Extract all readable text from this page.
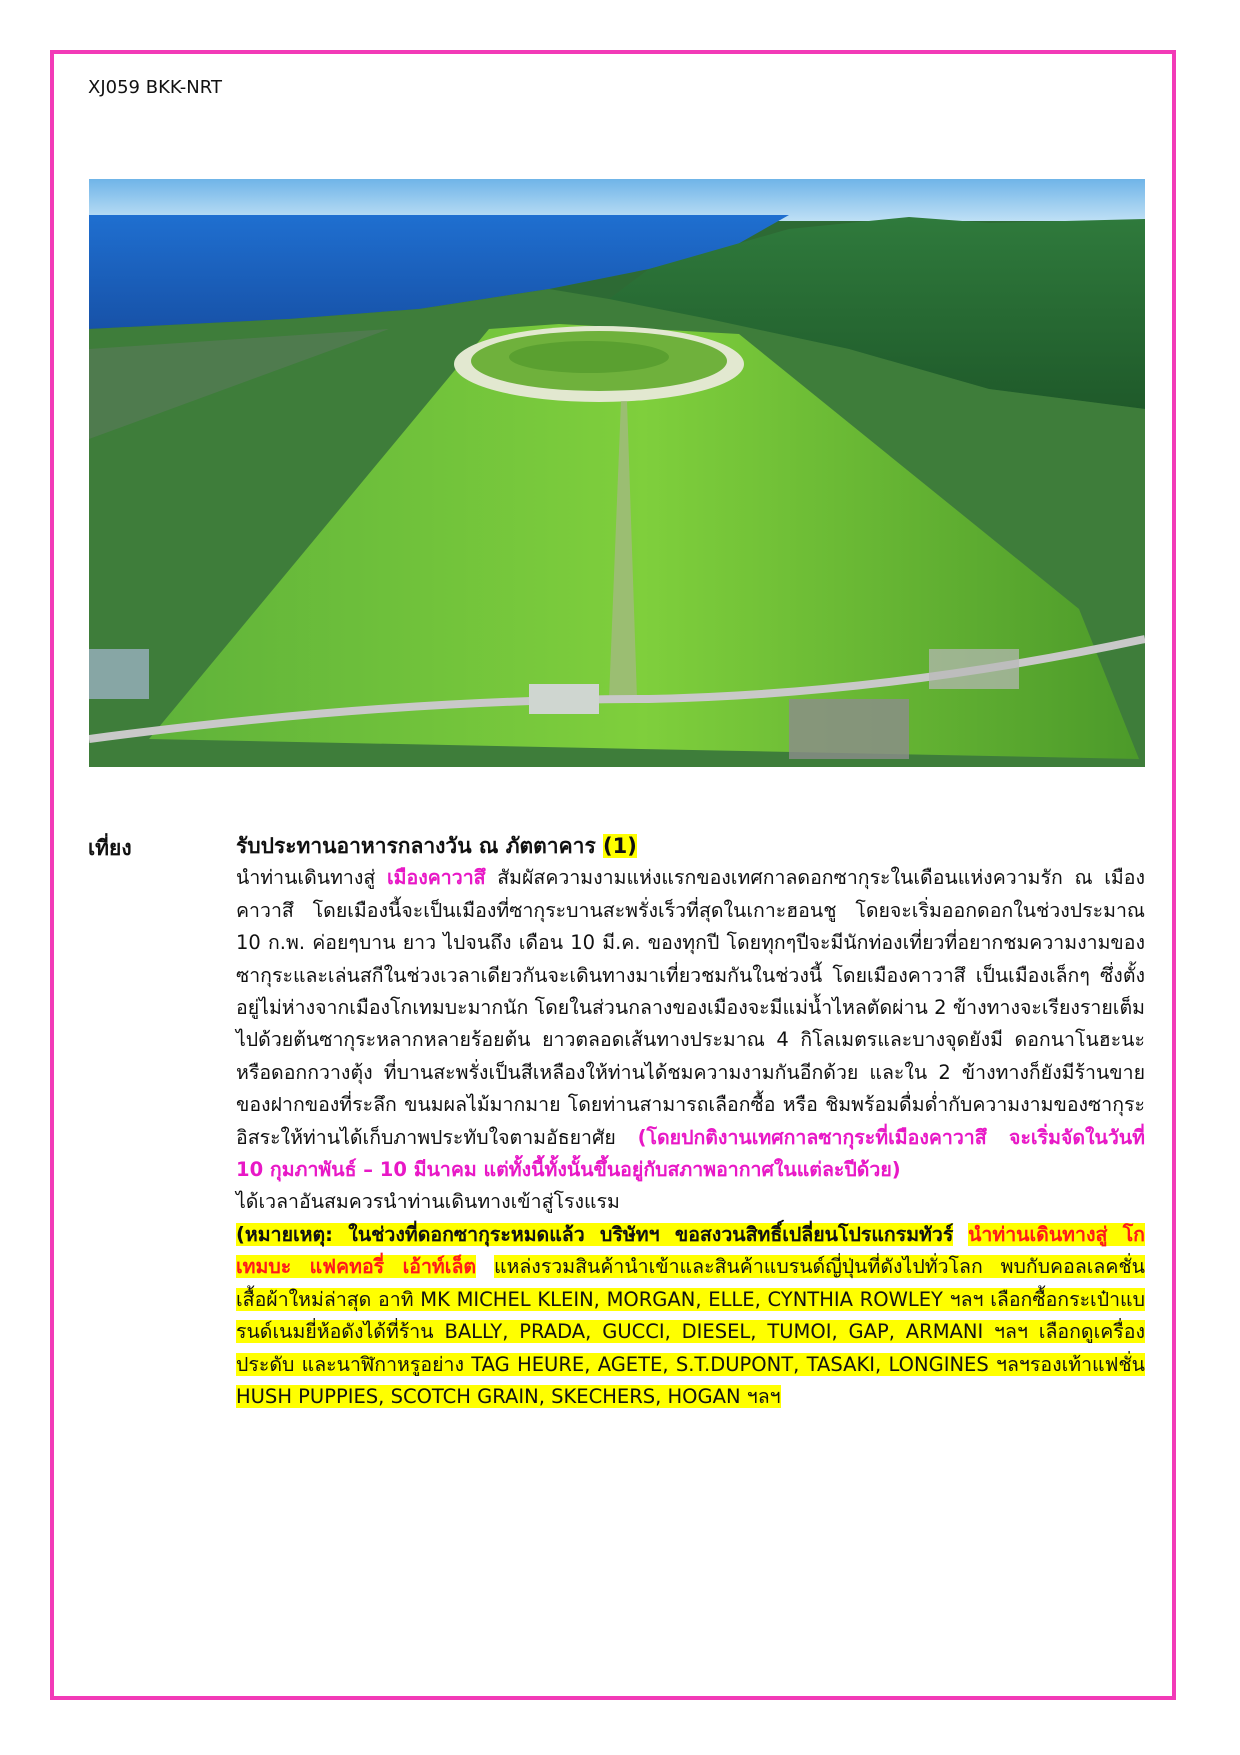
XJ059 BKK-NRT
เที่ยง	รับประทานอาหารกลางวัน ณ ภัตตาคาร (1)

นำท่านเดินทางสู่ เมืองคาวาสึ สัมผัสความงามแห่งแรกของเทศกาลดอกซากุระในเดือนแห่งความรัก ณ เมืองคาวาสึ โดยเมืองนี้จะเป็นเมืองที่ซากุระบานสะพรั่งเร็วที่สุดในเกาะฮอนชู โดยจะเริ่มออกดอกในช่วงประมาณ 10 ก.พ. ค่อยๆบาน ยาว ไปจนถึง เดือน 10 มี.ค. ของทุกปี โดยทุกๆปีจะมีนักท่องเที่ยวที่อยากชมความงามของ ซากุระและเล่นสกีในช่วงเวลาเดียวกันจะเดินทางมาเที่ยวชมกันในช่วงนี้ โดยเมืองคาวาสึ เป็นเมืองเล็กๆ ซึ่งตั้งอยู่ไม่ห่างจากเมืองโกเทมบะมากนัก โดยในส่วนกลางของเมืองจะมีแม่น้ำไหลตัดผ่าน 2 ข้างทางจะเรียงรายเต็มไปด้วยต้นซากุระหลากหลายร้อยต้น ยาวตลอดเส้นทางประมาณ 4 กิโลเมตรและบางจุดยังมี ดอกนาโนฮะนะ หรือดอกกวางตุ้ง ที่บานสะพรั่งเป็นสีเหลืองให้ท่านได้ชมความงามกันอีกด้วย และใน 2 ข้างทางก็ยังมีร้านขายของฝากของที่ระลึก ขนมผลไม้มากมาย โดยท่านสามารถเลือกซื้อ หรือ ชิมพร้อมดื่มด่ำกับความงามของซากุระอิสระให้ท่านได้เก็บภาพประทับใจตามอัธยาศัย (โดยปกติงานเทศกาลซากุระที่เมืองคาวาสึ จะเริ่มจัดในวันที่ 10 กุมภาพันธ์ – 10 มีนาคม แต่ทั้งนี้ทั้งนั้นขึ้นอยู่กับสภาพอากาศในแต่ละปีด้วย)

ได้เวลาอันสมควรนำท่านเดินทางเข้าสู่โรงแรม

(หมายเหตุ: ในช่วงที่ดอกซากุระหมดแล้ว บริษัทฯ ขอสงวนสิทธิ์เปลี่ยนโปรแกรมทัวร์ นำท่านเดินทางสู่ โกเทมบะ แฟคทอรี่ เอ้าท์เล็ต แหล่งรวมสินค้านำเข้าและสินค้าแบรนด์ญี่ปุ่นที่ดังไปทั่วโลก พบกับคอลเลคชั่นเสื้อผ้าใหม่ล่าสุด อาทิ MK MICHEL KLEIN, MORGAN, ELLE, CYNTHIA ROWLEY ฯลฯ เลือกซื้อกระเป๋าแบรนด์เนมยี่ห้อดังได้ที่ร้าน BALLY, PRADA, GUCCI, DIESEL, TUMOI, GAP, ARMANI ฯลฯ เลือกดูเครื่องประดับ และนาฬิกาหรูอย่าง TAG HEURE, AGETE, S.T.DUPONT, TASAKI, LONGINES ฯลฯรองเท้าแฟชั่น HUSH PUPPIES, SCOTCH GRAIN, SKECHERS, HOGAN ฯลฯ
